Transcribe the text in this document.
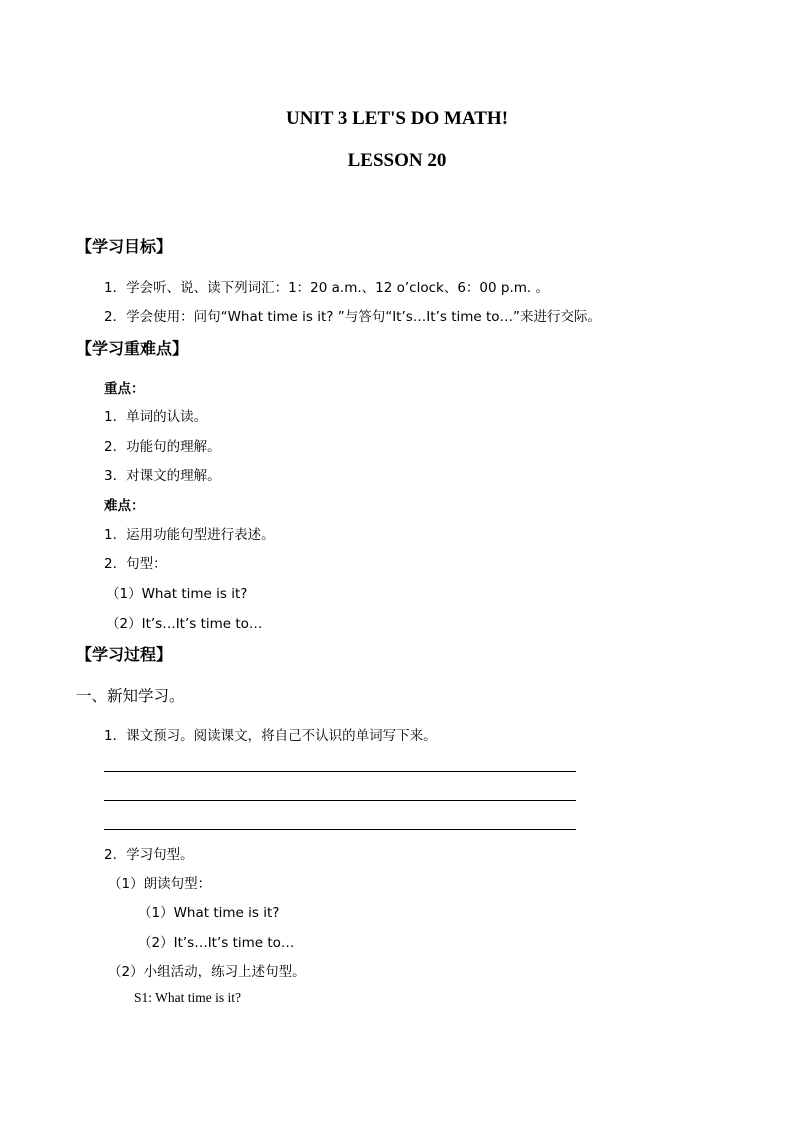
UNIT 3 LET'S DO MATH!
LESSON 20
【学习目标】
1．学会听、说、读下列词汇：1：20 a.m.、12 o’clock、6：00 p.m. 。
2．学会使用：问句“What time is it? ”与答句“It’s…It’s time to…”来进行交际。
【学习重难点】
重点：
1．单词的认读。
2．功能句的理解。
3．对课文的理解。
难点：
1．运用功能句型进行表述。
2．句型：
（1）What time is it?
（2）It’s…It’s time to…
【学习过程】
一、新知学习。
1．课文预习。阅读课文，将自己不认识的单词写下来。
2．学习句型。
（1）朗读句型：
（1）What time is it?
（2）It’s…It’s time to…
（2）小组活动，练习上述句型。
S1: What time is it?
